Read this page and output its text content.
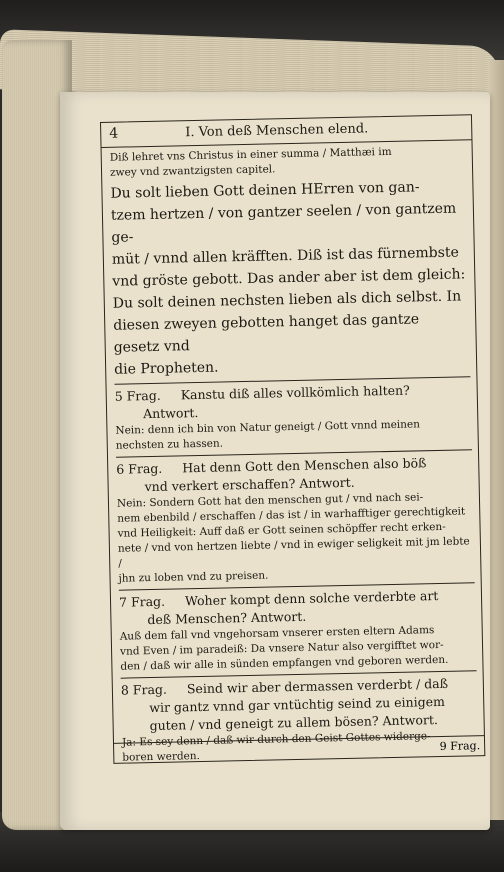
4	I. Von deß Menschen elend.
Diß lehret vns Christus in einer summa / Matthæi im
zwey vnd zwantzigsten capitel.
Du solt lieben Gott deinen HErren von gan-
tzem hertzen / von gantzer seelen / von gantzem ge-
müt / vnnd allen kräfften. Diß ist das fürnembste
vnd gröste gebott. Das ander aber ist dem gleich:
Du solt deinen nechsten lieben als dich selbst. In
diesen zweyen gebotten hanget das gantze gesetz vnd
die Propheten.
5 Frag. Kanstu diß alles vollkömlich halten?
Antwort.
Nein: denn ich bin von Natur geneigt / Gott vnnd meinen
nechsten zu hassen.
6 Frag. Hat denn Gott den Menschen also böß
vnd verkert erschaffen? Antwort.
Nein: Sondern Gott hat den menschen gut / vnd nach sei-
nem ebenbild / erschaffen / das ist / in warhafftiger gerechtigkeit
vnd Heiligkeit: Auff daß er Gott seinen schöpffer recht erken-
nete / vnd von hertzen liebte / vnd in ewiger seligkeit mit jm lebte /
jhn zu loben vnd zu preisen.
7 Frag. Woher kompt denn solche verderbte art
deß Menschen? Antwort.
Auß dem fall vnd vngehorsam vnserer ersten eltern Adams
vnd Even / im paradeiß: Da vnsere Natur also vergifftet wor-
den / daß wir alle in sünden empfangen vnd geboren werden.
8 Frag. Seind wir aber dermassen verderbt / daß
wir gantz vnnd gar vntüchtig seind zu einigem
guten / vnd geneigt zu allem bösen? Antwort.
Ja: Es sey denn / daß wir durch den Geist Gottes widerge-
boren werden.
9 Frag.
